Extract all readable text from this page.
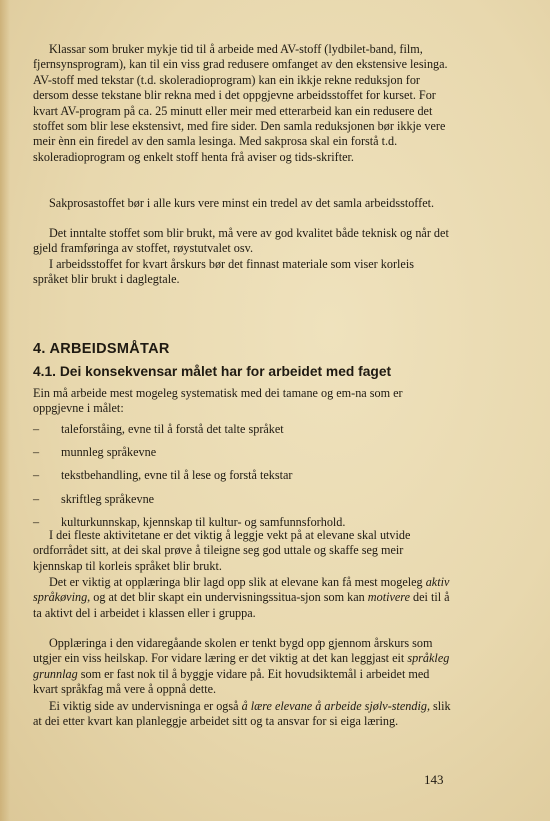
Klassar som bruker mykje tid til å arbeide med AV-stoff (lydbilet-band, film, fjernsynsprogram), kan til ein viss grad redusere omfanget av den ekstensive lesinga. AV-stoff med tekstar (t.d. skoleradioprogram) kan ein ikkje rekne reduksjon for dersom desse tekstane blir rekna med i det oppgjevne arbeidsstoffet for kurset. For kvart AV-program på ca. 25 minutt eller meir med etterarbeid kan ein redusere det stoffet som blir lese ekstensivt, med fire sider. Den samla reduksjonen bør ikkje vere meir ènn ein firedel av den samla lesinga. Med sakprosa skal ein forstå t.d. skoleradioprogram og enkelt stoff henta frå aviser og tids-skrifter.

Sakprosastoffet bør i alle kurs vere minst ein tredel av det samla arbeidsstoffet.

Det inntalte stoffet som blir brukt, må vere av god kvalitet både teknisk og når det gjeld framføringa av stoffet, røystutvalet osv.

I arbeidsstoffet for kvart årskurs bør det finnast materiale som viser korleis språket blir brukt i daglegtale.

4. ARBEIDSMÅTAR
4.1. Dei konsekvensar målet har for arbeidet med faget

Ein må arbeide mest mogeleg systematisk med dei tamane og em-na som er oppgjevne i målet:

–	taleforståing, evne til å forstå det talte språket
–	munnleg språkevne
–	tekstbehandling, evne til å lese og forstå tekstar
–	skriftleg språkevne
–	kulturkunnskap, kjennskap til kultur- og samfunnsforhold.

I dei fleste aktivitetane er det viktig å leggje vekt på at elevane skal utvide ordforrådet sitt, at dei skal prøve å tileigne seg god uttale og skaffe seg meir kjennskap til korleis språket blir brukt.

Det er viktig at opplæringa blir lagd opp slik at elevane kan få mest mogeleg aktiv språkøving, og at det blir skapt ein undervisningssitua-sjon som kan motivere dei til å ta aktivt del i arbeidet i klassen eller i gruppa.

Opplæringa i den vidaregåande skolen er tenkt bygd opp gjennom årskurs som utgjer ein viss heilskap. For vidare læring er det viktig at det kan leggjast eit språkleg grunnlag som er fast nok til å byggje vidare på. Eit hovudsiktemål i arbeidet med kvart språkfag må vere å oppnå dette.

Ei viktig side av undervisninga er også å lære elevane å arbeide sjølv-stendig, slik at dei etter kvart kan planleggje arbeidet sitt og ta ansvar for si eiga læring.

143
